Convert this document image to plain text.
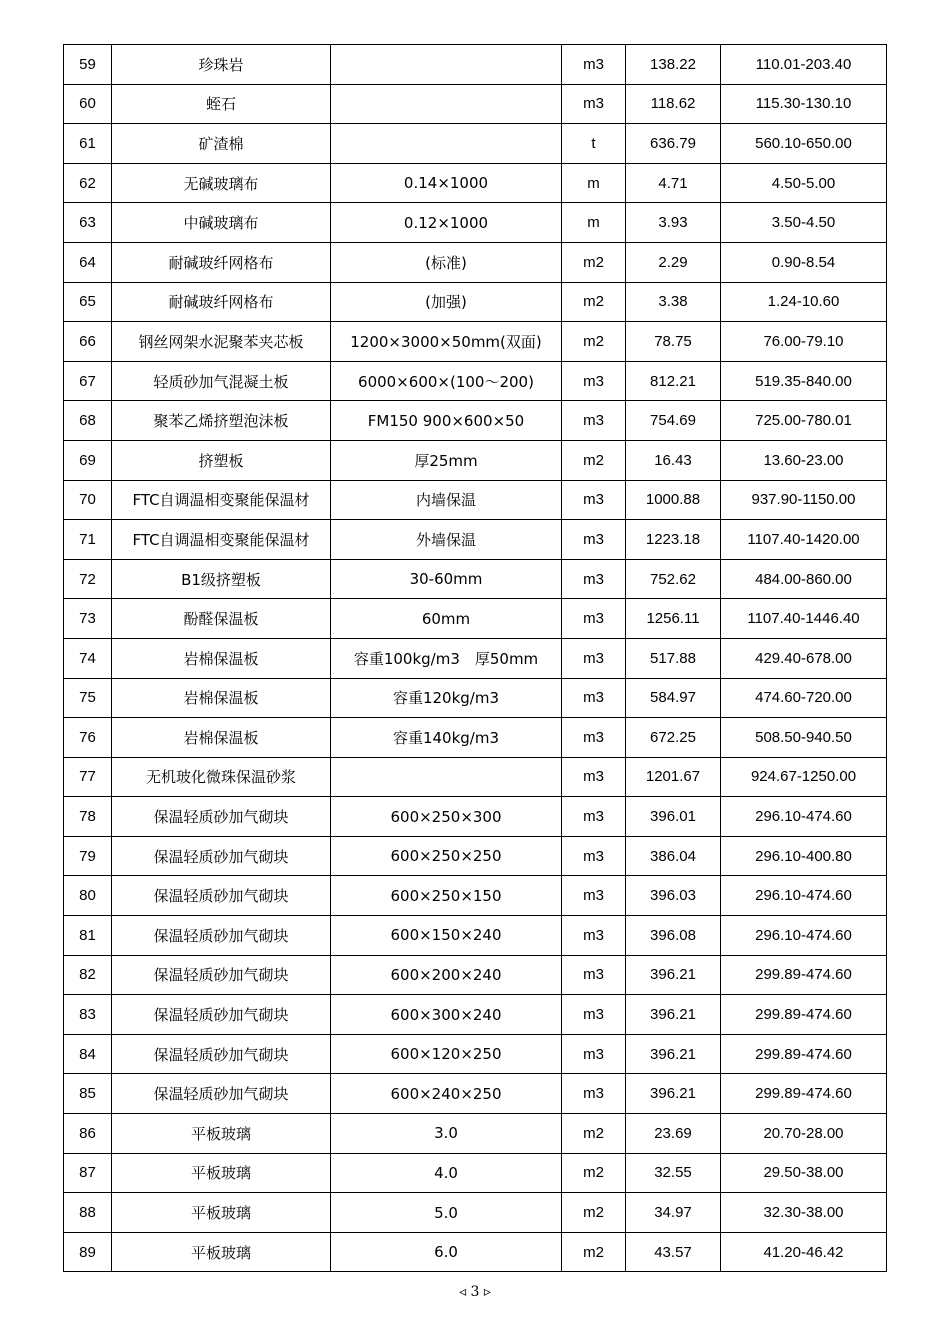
59	珍珠岩		m3	138.22	110.01-203.40
60	蛭石		m3	118.62	115.30-130.10
61	矿渣棉		t	636.79	560.10-650.00
62	无碱玻璃布	0.14×1000	m	4.71	4.50-5.00
63	中碱玻璃布	0.12×1000	m	3.93	3.50-4.50
64	耐碱玻纤网格布	(标准)	m2	2.29	0.90-8.54
65	耐碱玻纤网格布	(加强)	m2	3.38	1.24-10.60
66	钢丝网架水泥聚苯夹芯板	1200×3000×50mm(双面)	m2	78.75	76.00-79.10
67	轻质砂加气混凝土板	6000×600×(100～200)	m3	812.21	519.35-840.00
68	聚苯乙烯挤塑泡沫板	FM150 900×600×50	m3	754.69	725.00-780.01
69	挤塑板	厚25mm	m2	16.43	13.60-23.00
70	FTC自调温相变聚能保温材	内墙保温	m3	1000.88	937.90-1150.00
71	FTC自调温相变聚能保温材	外墙保温	m3	1223.18	1107.40-1420.00
72	B1级挤塑板	30-60mm	m3	752.62	484.00-860.00
73	酚醛保温板	60mm	m3	1256.11	1107.40-1446.40
74	岩棉保温板	容重100kg/m3　厚50mm	m3	517.88	429.40-678.00
75	岩棉保温板	容重120kg/m3	m3	584.97	474.60-720.00
76	岩棉保温板	容重140kg/m3	m3	672.25	508.50-940.50
77	无机玻化微珠保温砂浆		m3	1201.67	924.67-1250.00
78	保温轻质砂加气砌块	600×250×300	m3	396.01	296.10-474.60
79	保温轻质砂加气砌块	600×250×250	m3	386.04	296.10-400.80
80	保温轻质砂加气砌块	600×250×150	m3	396.03	296.10-474.60
81	保温轻质砂加气砌块	600×150×240	m3	396.08	296.10-474.60
82	保温轻质砂加气砌块	600×200×240	m3	396.21	299.89-474.60
83	保温轻质砂加气砌块	600×300×240	m3	396.21	299.89-474.60
84	保温轻质砂加气砌块	600×120×250	m3	396.21	299.89-474.60
85	保温轻质砂加气砌块	600×240×250	m3	396.21	299.89-474.60
86	平板玻璃	3.0	m2	23.69	20.70-28.00
87	平板玻璃	4.0	m2	32.55	29.50-38.00
88	平板玻璃	5.0	m2	34.97	32.30-38.00
89	平板玻璃	6.0	m2	43.57	41.20-46.42
◃ 3 ▹
